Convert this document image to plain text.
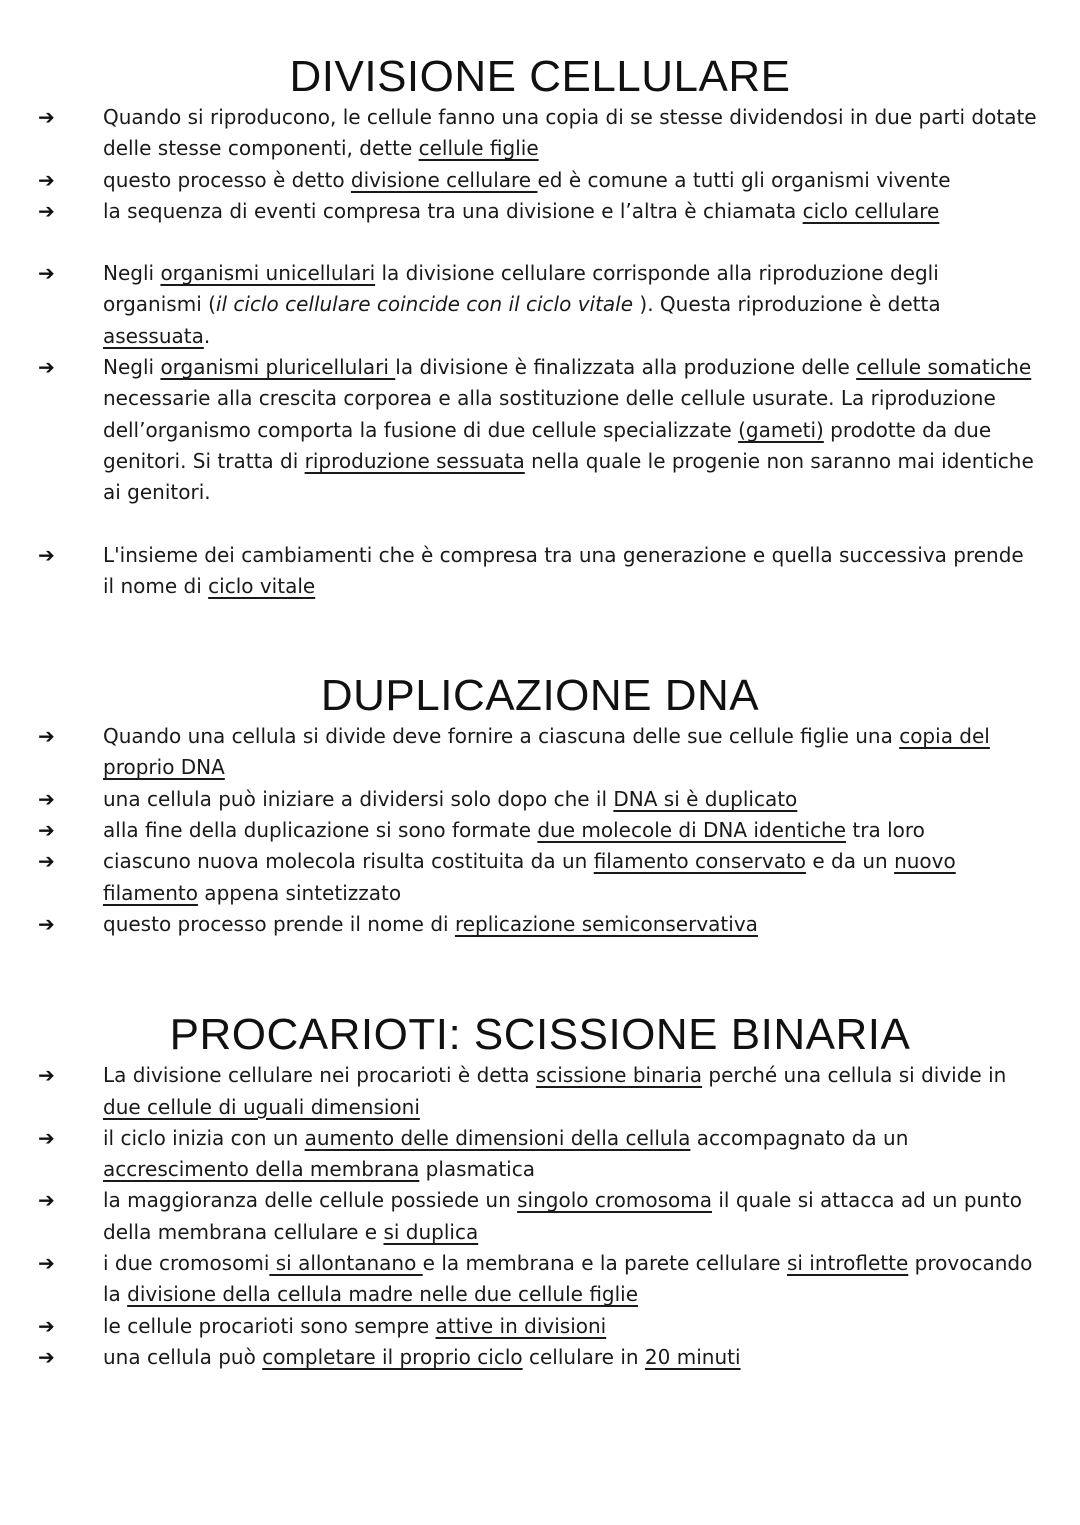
DIVISIONE CELLULARE
➔ Quando si riproducono, le cellule fanno una copia di se stesse dividendosi in due parti dotate delle stesse componenti, dette cellule figlie
➔ questo processo è detto divisione cellulare ed è comune a tutti gli organismi vivente
➔ la sequenza di eventi compresa tra una divisione e l’altra è chiamata ciclo cellulare
➔ Negli organismi unicellulari la divisione cellulare corrisponde alla riproduzione degli organismi (il ciclo cellulare coincide con il ciclo vitale ). Questa riproduzione è detta asessuata.
➔ Negli organismi pluricellulari la divisione è finalizzata alla produzione delle cellule somatiche necessarie alla crescita corporea e alla sostituzione delle cellule usurate. La riproduzione dell’organismo comporta la fusione di due cellule specializzate (gameti) prodotte da due genitori. Si tratta di riproduzione sessuata nella quale le progenie non saranno mai identiche ai genitori.
➔ L'insieme dei cambiamenti che è compresa tra una generazione e quella successiva prende il nome di ciclo vitale
DUPLICAZIONE DNA
➔ Quando una cellula si divide deve fornire a ciascuna delle sue cellule figlie una copia del proprio DNA
➔ una cellula può iniziare a dividersi solo dopo che il DNA si è duplicato
➔ alla fine della duplicazione si sono formate due molecole di DNA identiche tra loro
➔ ciascuno nuova molecola risulta costituita da un filamento conservato e da un nuovo filamento appena sintetizzato
➔ questo processo prende il nome di replicazione semiconservativa
PROCARIOTI: SCISSIONE BINARIA
➔ La divisione cellulare nei procarioti è detta scissione binaria perché una cellula si divide in due cellule di uguali dimensioni
➔ il ciclo inizia con un aumento delle dimensioni della cellula accompagnato da un accrescimento della membrana plasmatica
➔ la maggioranza delle cellule possiede un singolo cromosoma il quale si attacca ad un punto della membrana cellulare e si duplica
➔ i due cromosomi si allontanano e la membrana e la parete cellulare si introflette provocando la divisione della cellula madre nelle due cellule figlie
➔ le cellule procarioti sono sempre attive in divisioni
➔ una cellula può completare il proprio ciclo cellulare in 20 minuti
